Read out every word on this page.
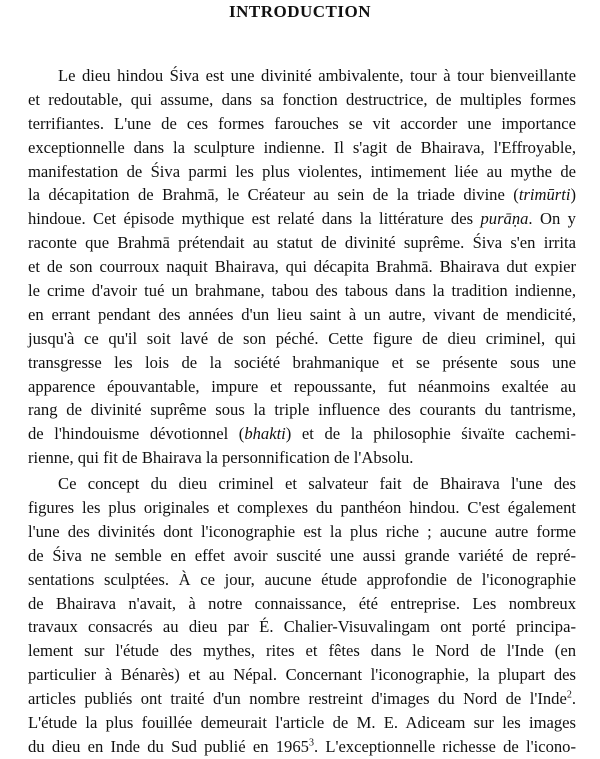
INTRODUCTION
Le dieu hindou Śiva est une divinité ambivalente, tour à tour bienveillante
et redoutable, qui assume, dans sa fonction destructrice, de multiples formes
terrifiantes. L'une de ces formes farouches se vit accorder une importance
exceptionnelle dans la sculpture indienne. Il s'agit de Bhairava, l'Effroyable,
manifestation de Śiva parmi les plus violentes, intimement liée au mythe de
la décapitation de Brahmā, le Créateur au sein de la triade divine (trimūrti)
hindoue. Cet épisode mythique est relaté dans la littérature des purāṇa. On y
raconte que Brahmā prétendait au statut de divinité suprême. Śiva s'en irrita
et de son courroux naquit Bhairava, qui décapita Brahmā. Bhairava dut expier
le crime d'avoir tué un brahmane, tabou des tabous dans la tradition indienne,
en errant pendant des années d'un lieu saint à un autre, vivant de mendicité,
jusqu'à ce qu'il soit lavé de son péché. Cette figure de dieu criminel, qui
transgresse les lois de la société brahmanique et se présente sous une
apparence épouvantable, impure et repoussante, fut néanmoins exaltée au
rang de divinité suprême sous la triple influence des courants du tantrisme,
de l'hindouisme dévotionnel (bhakti) et de la philosophie śivaïte cachemi-
rienne, qui fit de Bhairava la personnification de l'Absolu.
Ce concept du dieu criminel et salvateur fait de Bhairava l'une des
figures les plus originales et complexes du panthéon hindou. C'est également
l'une des divinités dont l'iconographie est la plus riche ; aucune autre forme
de Śiva ne semble en effet avoir suscité une aussi grande variété de repré-
sentations sculptées. À ce jour, aucune étude approfondie de l'iconographie
de Bhairava n'avait, à notre connaissance, été entreprise. Les nombreux
travaux consacrés au dieu par É. Chalier-Visuvalingam ont porté principa-
lement sur l'étude des mythes, rites et fêtes dans le Nord de l'Inde (en
particulier à Bénarès) et au Népal. Concernant l'iconographie, la plupart des
articles publiés ont traité d'un nombre restreint d'images du Nord de l'Inde$^2$.
L'étude la plus fouillée demeurait l'article de M. E. Adiceam sur les images
du dieu en Inde du Sud publié en 1965$^3$. L'exceptionnelle richesse de l'icono-
